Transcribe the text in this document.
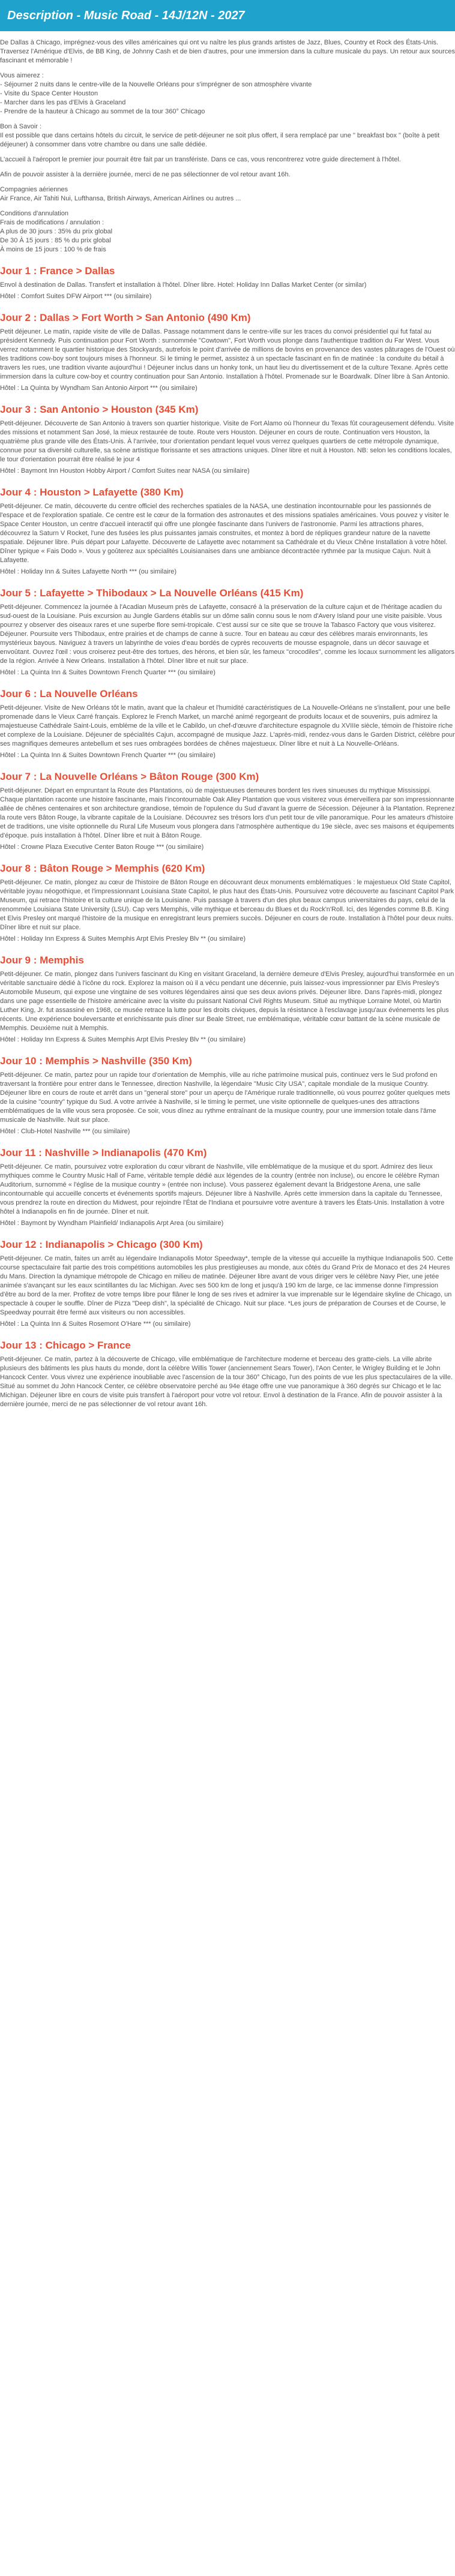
Description - Music Road - 14J/12N - 2027

De Dallas à Chicago, imprégnez-vous des villes américaines qui ont vu naître les plus grands artistes de Jazz, Blues, Country et Rock des États-Unis. Traversez l'Amérique d'Elvis, de BB King, de Johnny Cash et de bien d'autres, pour une immersion dans la culture musicale du pays. Un retour aux sources fascinant et mémorable !

Vous aimerez :
- Séjourner 2 nuits dans le centre-ville de la Nouvelle Orléans pour s'imprégner de son atmosphère vivante
- Visite du Space Center Houston
- Marcher dans les pas d'Elvis à Graceland
- Prendre de la hauteur à Chicago au sommet de la tour 360° Chicago
Bon à Savoir :
Il est possible que dans certains hôtels du circuit, le service de petit-déjeuner ne soit plus offert, il sera remplacé par une " breakfast box " (boîte à petit déjeuner) à consommer dans votre chambre ou dans une salle dédiée.

L'accueil à l'aéroport le premier jour pourrait être fait par un transfériste. Dans ce cas, vous rencontrerez votre guide directement à l'hôtel.

Afin de pouvoir assister à la dernière journée, merci de ne pas sélectionner de vol retour avant 16h.

Compagnies aériennes
Air France, Air Tahiti Nui, Lufthansa, British Airways, American Airlines ou autres ...
Conditions d'annulation
Frais de modifications / annulation :
A plus de 30 jours : 35% du prix global
De 30 À 15 jours : 85 % du prix global
À moins de 15 jours : 100 % de frais
Jour 1 : France > Dallas

Envol à destination de Dallas. Transfert et installation à l'hôtel. Dîner libre. Hotel: Holiday Inn Dallas Market Center (or similar)

Hôtel : Comfort Suites DFW Airport *** (ou similaire)

Jour 2 : Dallas > Fort Worth > San Antonio (490 Km)

Petit déjeuner. Le matin, rapide visite de ville de Dallas. Passage notamment dans le centre-ville sur les traces du convoi présidentiel qui fut fatal au président Kennedy. Puis continuation pour Fort Worth : surnommée "Cowtown", Fort Worth vous plonge dans l'authentique tradition du Far West. Vous verrez notamment le quartier historique des Stockyards, autrefois le point d'arrivée de millions de bovins en provenance des vastes pâturages de l'Ouest où les traditions cow-boy sont toujours mises à l'honneur. Si le timing le permet, assistez à un spectacle fascinant en fin de matinée : la conduite du bétail à travers les rues, une tradition vivante aujourd'hui ! Déjeuner inclus dans un honky tonk, un haut lieu du divertissement et de la culture Texane. Après cette immersion dans la culture cow-boy et country continuation pour San Antonio. Installation à l'hôtel. Promenade sur le Boardwalk. Dîner libre à San Antonio.

Hôtel : La Quinta by Wyndham San Antonio Airport *** (ou similaire)

Jour 3 : San Antonio > Houston (345 Km)

Petit-déjeuner. Découverte de San Antonio à travers son quartier historique. Visite de Fort Alamo où l'honneur du Texas fût courageusement défendu. Visite des missions et notamment San José, la mieux restaurée de toute. Route vers Houston. Déjeuner en cours de route. Continuation vers Houston, la quatrième plus grande ville des États-Unis. À l'arrivée, tour d'orientation pendant lequel vous verrez quelques quartiers de cette métropole dynamique, connue pour sa diversité culturelle, sa scène artistique florissante et ses attractions uniques. Dîner libre et nuit à Houston. NB: selon les conditions locales, le tour d'orientation pourrait être réalisé le jour 4

Hôtel : Baymont Inn Houston Hobby Airport / Comfort Suites near NASA (ou similaire)

Jour 4 : Houston > Lafayette (380 Km)

Petit-déjeuner. Ce matin, découverte du centre officiel des recherches spatiales de la NASA, une destination incontournable pour les passionnés de l'espace et de l'exploration spatiale. Ce centre est le cœur de la formation des astronautes et des missions spatiales américaines. Vous pouvez y visiter le Space Center Houston, un centre d'accueil interactif qui offre une plongée fascinante dans l'univers de l'astronomie. Parmi les attractions phares, découvrez la Saturn V Rocket, l'une des fusées les plus puissantes jamais construites, et montez à bord de répliques grandeur nature de la navette spatiale. Déjeuner libre. Puis départ pour Lafayette. Découverte de Lafayette avec notamment sa Cathédrale et du Vieux Chêne Installation à votre hôtel. Dîner typique « Fais Dodo ». Vous y goûterez aux spécialités Louisianaises dans une ambiance décontractée rythmée par la musique Cajun. Nuit à Lafayette.

Hôtel : Holiday Inn & Suites Lafayette North *** (ou similaire)

Jour 5 : Lafayette > Thibodaux > La Nouvelle Orléans (415 Km)

Petit-déjeuner. Commencez la journée à l'Acadian Museum près de Lafayette, consacré à la préservation de la culture cajun et de l'héritage acadien du sud-ouest de la Louisiane. Puis excursion au Jungle Gardens établis sur un dôme salin connu sous le nom d'Avery Island pour une visite paisible. Vous pourrez y observer des oiseaux rares et une superbe flore semi-tropicale. C'est aussi sur ce site que se trouve la Tabasco Factory que vous visiterez. Déjeuner. Poursuite vers Thibodaux, entre prairies et de champs de canne à sucre. Tour en bateau au cœur des célèbres marais environnants, les mystérieux bayous. Naviguez à travers un labyrinthe de voies d'eau bordés de cyprès recouverts de mousse espagnole, dans un décor sauvage et envoûtant. Ouvrez l'œil : vous croiserez peut-être des tortues, des hérons, et bien sûr, les fameux "crocodiles", comme les locaux surnomment les alligators de la région. Arrivée à New Orleans. Installation à l'hôtel. Dîner libre et nuit sur place.

Hôtel : La Quinta Inn & Suites Downtown French Quarter *** (ou similaire)

Jour 6 : La Nouvelle Orléans

Petit-déjeuner. Visite de New Orléans tôt le matin, avant que la chaleur et l'humidité caractéristiques de La Nouvelle-Orléans ne s'installent, pour une belle promenade dans le Vieux Carré français. Explorez le French Market, un marché animé regorgeant de produits locaux et de souvenirs, puis admirez la majestueuse Cathédrale Saint-Louis, emblème de la ville et le Cabildo, un chef-d'œuvre d'architecture espagnole du XVIIIe siècle, témoin de l'histoire riche et complexe de la Louisiane. Déjeuner de spécialités Cajun, accompagné de musique Jazz. L'après-midi, rendez-vous dans le Garden District, célèbre pour ses magnifiques demeures antebellum et ses rues ombragées bordées de chênes majestueux. Dîner libre et nuit à La Nouvelle-Orléans.

Hôtel : La Quinta Inn & Suites Downtown French Quarter *** (ou similaire)

Jour 7 : La Nouvelle Orléans > Bâton Rouge (300 Km)

Petit-déjeuner. Départ en empruntant la Route des Plantations, où de majestueuses demeures bordent les rives sinueuses du mythique Mississippi. Chaque plantation raconte une histoire fascinante, mais l'incontournable Oak Alley Plantation que vous visiterez vous émerveillera par son impressionnante allée de chênes centenaires et son architecture grandiose, témoin de l'opulence du Sud d'avant la guerre de Sécession. Déjeuner à la Plantation. Reprenez la route vers Bâton Rouge, la vibrante capitale de la Louisiane. Découvrez ses trésors lors d'un petit tour de ville panoramique. Pour les amateurs d'histoire et de traditions, une visite optionnelle du Rural Life Museum vous plongera dans l'atmosphère authentique du 19e siècle, avec ses maisons et équipements d'époque. puis installation à l'hôtel. Dîner libre et nuit à Bâton Rouge.

Hôtel : Crowne Plaza Executive Center Baton Rouge *** (ou similaire)

Jour 8 : Bâton Rouge > Memphis (620 Km)

Petit-déjeuner. Ce matin, plongez au cœur de l'histoire de Bâton Rouge en découvrant deux monuments emblématiques : le majestueux Old State Capitol, véritable joyau néogothique, et l'impressionnant Louisiana State Capitol, le plus haut des États-Unis. Poursuivez votre découverte au fascinant Capitol Park Museum, qui retrace l'histoire et la culture unique de la Louisiane. Puis passage à travers d'un des plus beaux campus universitaires du pays, celui de la renommée Louisiana State University (LSU). Cap vers Memphis, ville mythique et berceau du Blues et du Rock'n'Roll. Ici, des légendes comme B.B. King et Elvis Presley ont marqué l'histoire de la musique en enregistrant leurs premiers succès. Déjeuner en cours de route. Installation à l'hôtel pour deux nuits. Dîner libre et nuit sur place.

Hôtel : Holiday Inn Express & Suites Memphis Arpt Elvis Presley Blv ** (ou similaire)

Jour 9 : Memphis

Petit-déjeuner. Ce matin, plongez dans l'univers fascinant du King en visitant Graceland, la dernière demeure d'Elvis Presley, aujourd'hui transformée en un véritable sanctuaire dédié à l'icône du rock. Explorez la maison où il a vécu pendant une décennie, puis laissez-vous impressionner par Elvis Presley's Automobile Museum, qui expose une vingtaine de ses voitures légendaires ainsi que ses deux avions privés. Déjeuner libre. Dans l'après-midi, plongez dans une page essentielle de l'histoire américaine avec la visite du puissant National Civil Rights Museum. Situé au mythique Lorraine Motel, où Martin Luther King, Jr. fut assassiné en 1968, ce musée retrace la lutte pour les droits civiques, depuis la résistance à l'esclavage jusqu'aux événements les plus récents. Une expérience bouleversante et enrichissante puis dîner sur Beale Street, rue emblématique, véritable cœur battant de la scène musicale de Memphis. Deuxième nuit à Memphis.

Hôtel : Holiday Inn Express & Suites Memphis Arpt Elvis Presley Blv ** (ou similaire)

Jour 10 : Memphis > Nashville (350 Km)

Petit-déjeuner. Ce matin, partez pour un rapide tour d'orientation de Memphis, ville au riche patrimoine musical puis, continuez vers le Sud profond en traversant la frontière pour entrer dans le Tennessee, direction Nashville, la légendaire "Music City USA", capitale mondiale de la musique Country. Déjeuner libre en cours de route et arrêt dans un "general store" pour un aperçu de l'Amérique rurale traditionnelle, où vous pourrez goûter quelques mets de la cuisine "country" typique du Sud. A votre arrivée à Nashville, si le timing le permet, une visite optionnelle de quelques-unes des attractions emblématiques de la ville vous sera proposée. Ce soir, vous dînez au rythme entraînant de la musique country, pour une immersion totale dans l'âme musicale de Nashville. Nuit sur place.

Hôtel : Club-Hotel Nashville *** (ou similaire)

Jour 11 : Nashville > Indianapolis (470 Km)

Petit-déjeuner. Ce matin, poursuivez votre exploration du cœur vibrant de Nashville, ville emblématique de la musique et du sport. Admirez des lieux mythiques comme le Country Music Hall of Fame, véritable temple dédié aux légendes de la country (entrée non incluse), ou encore le célèbre Ryman Auditorium, surnommé « l'église de la musique country » (entrée non incluse). Vous passerez également devant la Bridgestone Arena, une salle incontournable qui accueille concerts et événements sportifs majeurs. Déjeuner libre à Nashville. Après cette immersion dans la capitale du Tennessee, vous prendrez la route en direction du Midwest, pour rejoindre l'État de l'Indiana et poursuivre votre aventure à travers les États-Unis. Installation à votre hôtel à Indianapolis en fin de journée. Dîner et nuit.

Hôtel : Baymont by Wyndham Plainfield/ Indianapolis Arpt Area (ou similaire)

Jour 12 : Indianapolis > Chicago (300 Km)

Petit-déjeuner. Ce matin, faites un arrêt au légendaire Indianapolis Motor Speedway*, temple de la vitesse qui accueille la mythique Indianapolis 500. Cette course spectaculaire fait partie des trois compétitions automobiles les plus prestigieuses au monde, aux côtés du Grand Prix de Monaco et des 24 Heures du Mans. Direction la dynamique métropole de Chicago en milieu de matinée. Déjeuner libre avant de vous diriger vers le célèbre Navy Pier, une jetée animée s'avançant sur les eaux scintillantes du lac Michigan. Avec ses 500 km de long et jusqu'à 190 km de large, ce lac immense donne l'impression d'être au bord de la mer. Profitez de votre temps libre pour flâner le long de ses rives et admirer la vue imprenable sur le légendaire skyline de Chicago, un spectacle à couper le souffle. Dîner de Pizza "Deep dish", la spécialité de Chicago. Nuit sur place. *Les jours de préparation de Courses et de Course, le Speedway pourrait être fermé aux visiteurs ou non accessibles.

Hôtel : La Quinta Inn & Suites Rosemont O'Hare *** (ou similaire)

Jour 13 : Chicago > France

Petit-déjeuner. Ce matin, partez à la découverte de Chicago, ville emblématique de l'architecture moderne et berceau des gratte-ciels. La ville abrite plusieurs des bâtiments les plus hauts du monde, dont la célèbre Willis Tower (anciennement Sears Tower), l'Aon Center, le Wrigley Building et le John Hancock Center. Vous vivrez une expérience inoubliable avec l'ascension de la tour 360° Chicago, l'un des points de vue les plus spectaculaires de la ville. Situé au sommet du John Hancock Center, ce célèbre observatoire perché au 94e étage offre une vue panoramique à 360 degrés sur Chicago et le lac Michigan. Déjeuner libre en cours de visite puis transfert à l'aéroport pour votre vol retour. Envol à destination de la France. Afin de pouvoir assister à la dernière journée, merci de ne pas sélectionner de vol retour avant 16h.
